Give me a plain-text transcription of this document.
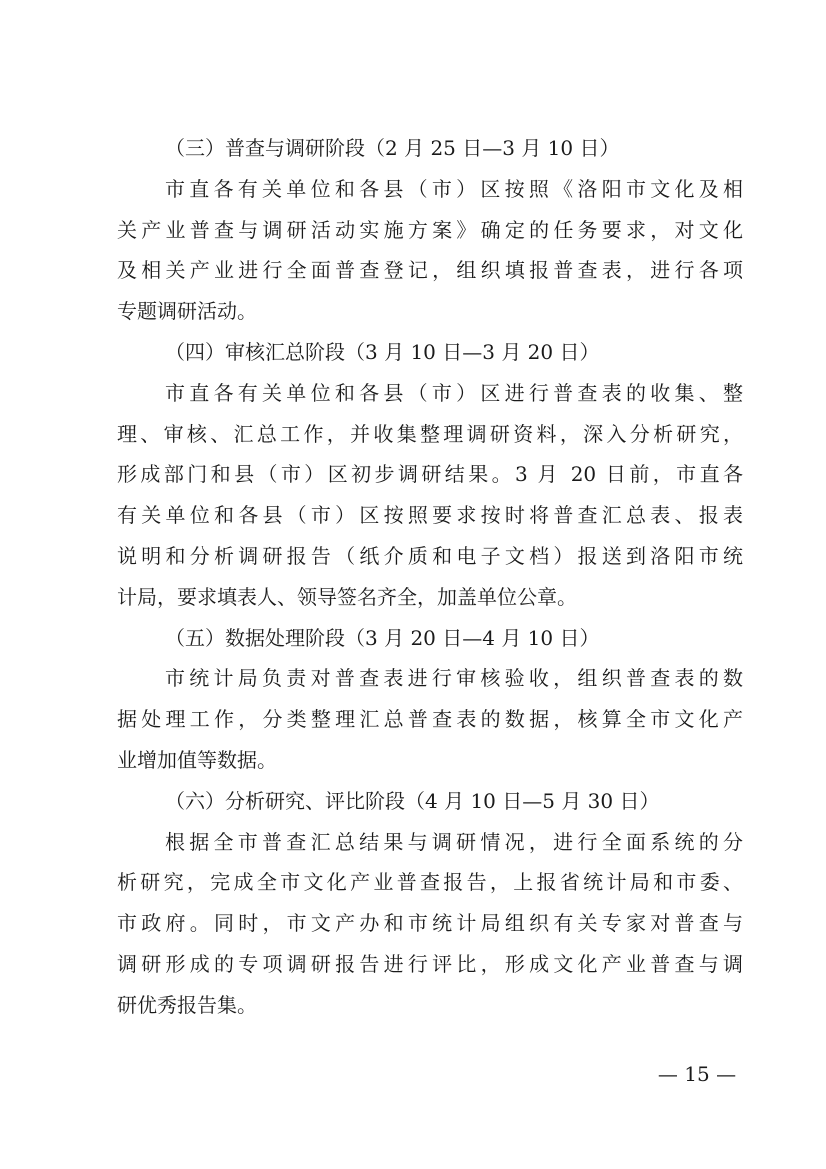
（三）普查与调研阶段（2 月 25 日—3 月 10 日）
市直各有关单位和各县（市）区按照《洛阳市文化及相
关产业普查与调研活动实施方案》确定的任务要求，对文化
及相关产业进行全面普查登记，组织填报普查表，进行各项
专题调研活动。
（四）审核汇总阶段（3 月 10 日—3 月 20 日）
市直各有关单位和各县（市）区进行普查表的收集、整
理、审核、汇总工作，并收集整理调研资料，深入分析研究，
形成部门和县（市）区初步调研结果。3 月 20 日前，市直各
有关单位和各县（市）区按照要求按时将普查汇总表、报表
说明和分析调研报告（纸介质和电子文档）报送到洛阳市统
计局，要求填表人、领导签名齐全，加盖单位公章。
（五）数据处理阶段（3 月 20 日—4 月 10 日）
市统计局负责对普查表进行审核验收，组织普查表的数
据处理工作，分类整理汇总普查表的数据，核算全市文化产
业增加值等数据。
（六）分析研究、评比阶段（4 月 10 日—5 月 30 日）
根据全市普查汇总结果与调研情况，进行全面系统的分
析研究，完成全市文化产业普查报告，上报省统计局和市委、
市政府。同时，市文产办和市统计局组织有关专家对普查与
调研形成的专项调研报告进行评比，形成文化产业普查与调
研优秀报告集。
— 15 —
